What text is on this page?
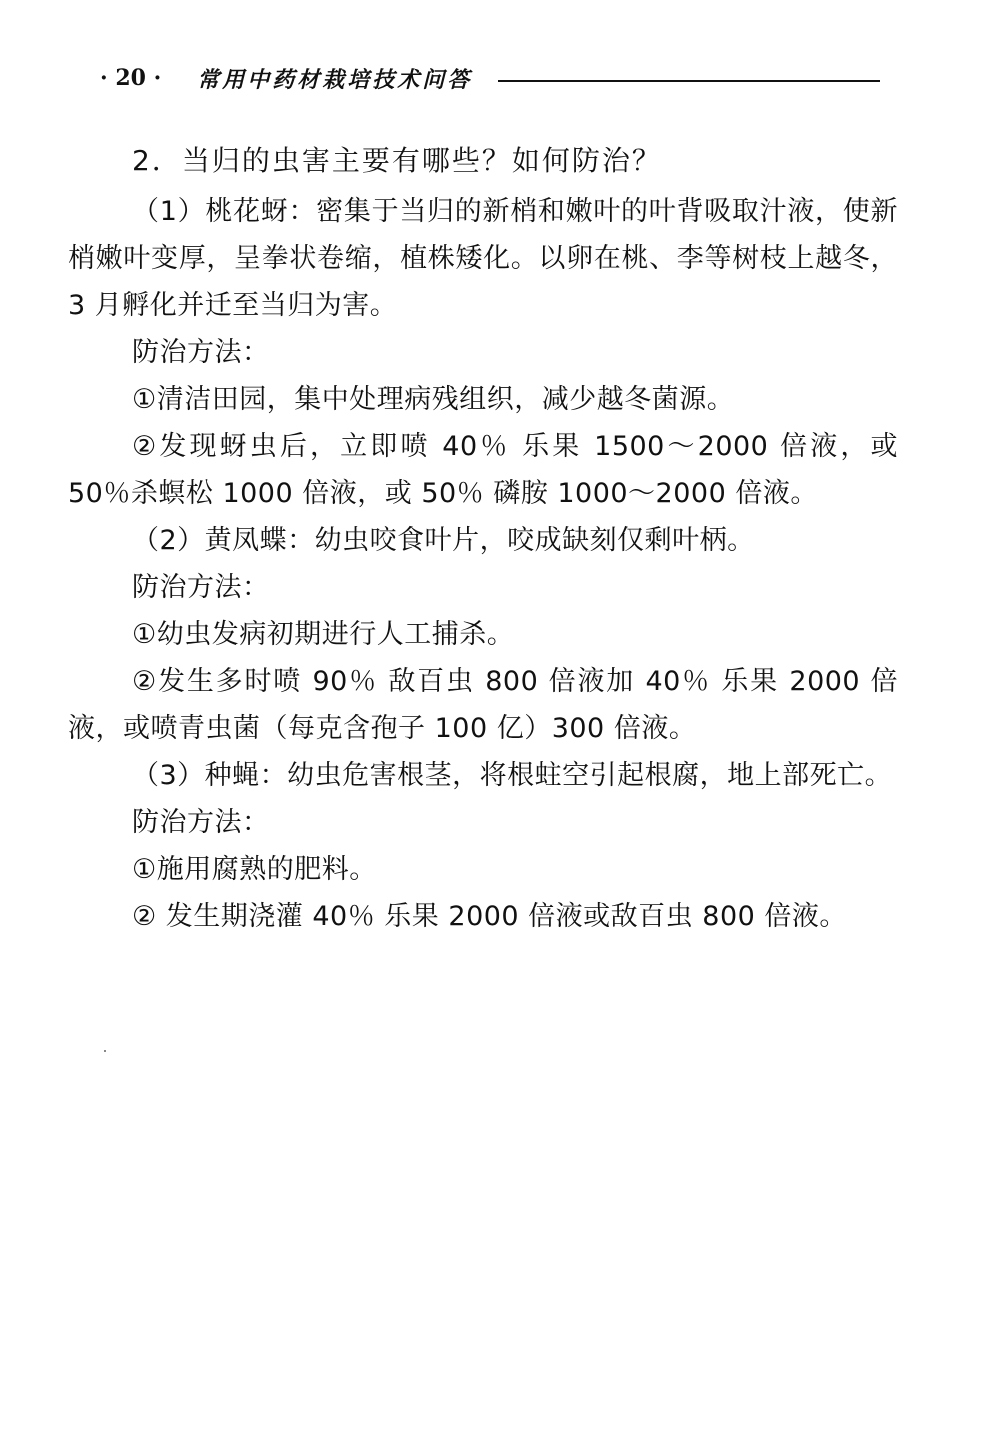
· 20 · 常用中药材栽培技术问答

2．当归的虫害主要有哪些？如何防治？

（1）桃花蚜：密集于当归的新梢和嫩叶的叶背吸取汁液，使新梢嫩叶变厚，呈拳状卷缩，植株矮化。以卵在桃、李等树枝上越冬，3 月孵化并迁至当归为害。

防治方法：

①清洁田园，集中处理病残组织，减少越冬菌源。

②发现蚜虫后，立即喷 40％ 乐果 1500～2000 倍液，或 50％杀螟松 1000 倍液，或 50％ 磷胺 1000～2000 倍液。

（2）黄凤蝶：幼虫咬食叶片，咬成缺刻仅剩叶柄。

防治方法：

①幼虫发病初期进行人工捕杀。

②发生多时喷 90％ 敌百虫 800 倍液加 40％ 乐果 2000 倍液，或喷青虫菌（每克含孢子 100 亿）300 倍液。

（3）种蝇：幼虫危害根茎，将根蛀空引起根腐，地上部死亡。

防治方法：

①施用腐熟的肥料。

② 发生期浇灌 40％ 乐果 2000 倍液或敌百虫 800 倍液。
